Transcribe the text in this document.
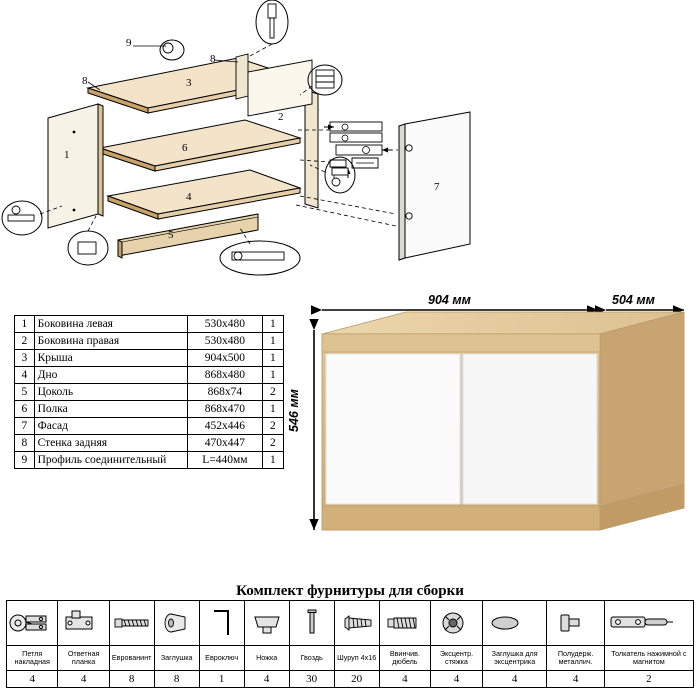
1
2
3
4
5
6
7
8
8
9
1	Боковина левая	530х480	1
2	Боковина правая	530х480	1
3	Крыша	904х500	1
4	Дно	868х480	1
5	Цоколь	868х74	2
6	Полка	868х470	1
7	Фасад	452х446	2
8	Стенка задняя	470х447	2
9	Профиль соединительный	L=440мм	1
904 мм	504 мм
546 мм
Комплект фурнитуры для сборки

Петля накладная	Ответная планка	Еврованинт	Заглушка	Евроключ	Ножка	Гвоздь	Шуруп 4х16	Ввинчив. дюбель	Эксцентр. стяжка	Заглушка для эксцентрика	Полудерж. металлич.	Толкатель нажимной с магнитом
4	4	8	8	1	4	30	20	4	4	4	4	2
